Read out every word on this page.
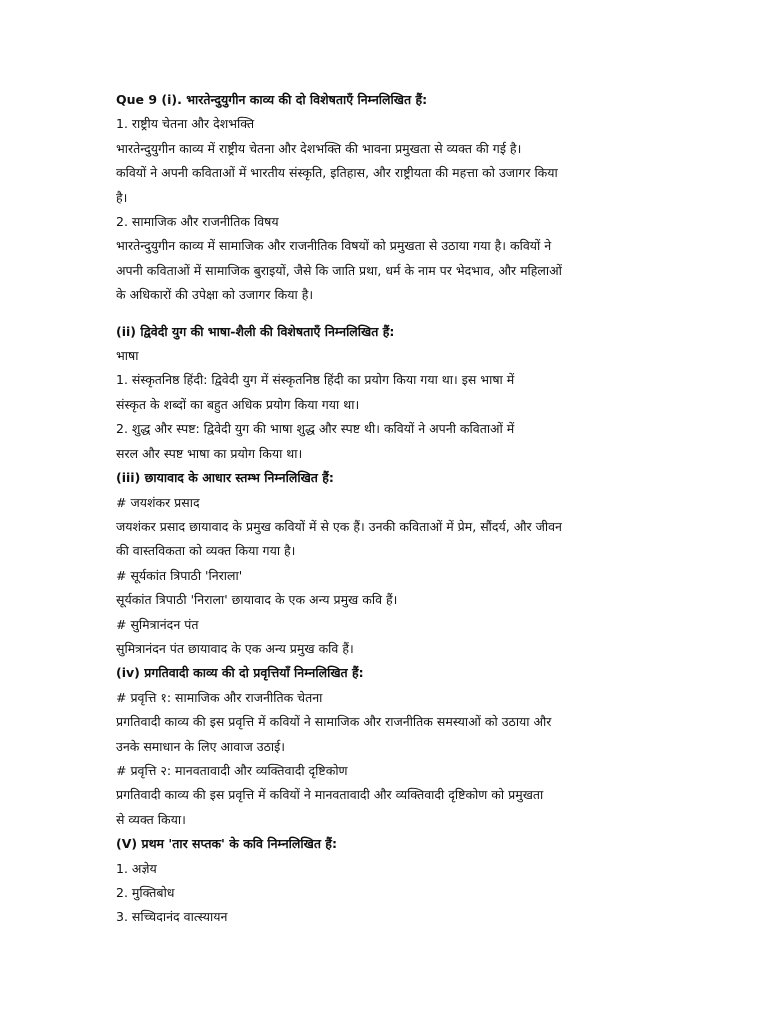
Que 9 (i). भारतेन्दुयुगीन काव्य की दो विशेषताएँ निम्नलिखित हैं:
1. राष्ट्रीय चेतना और देशभक्ति
भारतेन्दुयुगीन काव्य में राष्ट्रीय चेतना और देशभक्ति की भावना प्रमुखता से व्यक्त की गई है।
कवियों ने अपनी कविताओं में भारतीय संस्कृति, इतिहास, और राष्ट्रीयता की महत्ता को उजागर किया
है।
2. सामाजिक और राजनीतिक विषय
भारतेन्दुयुगीन काव्य में सामाजिक और राजनीतिक विषयों को प्रमुखता से उठाया गया है। कवियों ने
अपनी कविताओं में सामाजिक बुराइयों, जैसे कि जाति प्रथा, धर्म के नाम पर भेदभाव, और महिलाओं
के अधिकारों की उपेक्षा को उजागर किया है।
(ii) द्विवेदी युग की भाषा-शैली की विशेषताएँ निम्नलिखित हैं:
भाषा
1. संस्कृतनिष्ठ हिंदी: द्विवेदी युग में संस्कृतनिष्ठ हिंदी का प्रयोग किया गया था। इस भाषा में
संस्कृत के शब्दों का बहुत अधिक प्रयोग किया गया था।
2. शुद्ध और स्पष्ट: द्विवेदी युग की भाषा शुद्ध और स्पष्ट थी। कवियों ने अपनी कविताओं में
सरल और स्पष्ट भाषा का प्रयोग किया था।
(iii) छायावाद के आधार स्तम्भ निम्नलिखित हैं:
# जयशंकर प्रसाद
जयशंकर प्रसाद छायावाद के प्रमुख कवियों में से एक हैं। उनकी कविताओं में प्रेम, सौंदर्य, और जीवन
की वास्तविकता को व्यक्त किया गया है।
# सूर्यकांत त्रिपाठी 'निराला'
सूर्यकांत त्रिपाठी 'निराला' छायावाद के एक अन्य प्रमुख कवि हैं।
# सुमित्रानंदन पंत
सुमित्रानंदन पंत छायावाद के एक अन्य प्रमुख कवि हैं।
(iv) प्रगतिवादी काव्य की दो प्रवृत्तियाँ निम्नलिखित हैं:
# प्रवृत्ति १: सामाजिक और राजनीतिक चेतना
प्रगतिवादी काव्य की इस प्रवृत्ति में कवियों ने सामाजिक और राजनीतिक समस्याओं को उठाया और
उनके समाधान के लिए आवाज उठाई।
# प्रवृत्ति २: मानवतावादी और व्यक्तिवादी दृष्टिकोण
प्रगतिवादी काव्य की इस प्रवृत्ति में कवियों ने मानवतावादी और व्यक्तिवादी दृष्टिकोण को प्रमुखता
से व्यक्त किया।
(V) प्रथम 'तार सप्तक' के कवि निम्नलिखित हैं:
1. अज्ञेय
2. मुक्तिबोध
3. सच्चिदानंद वात्स्यायन
